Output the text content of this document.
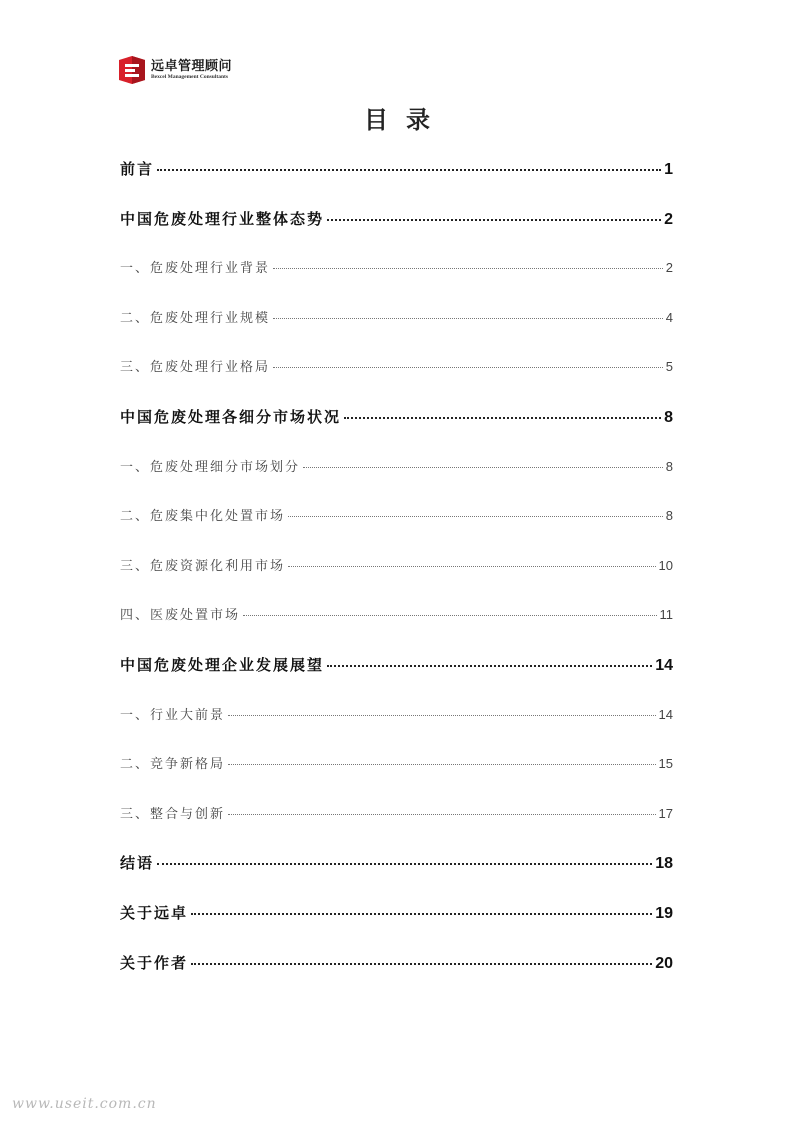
远卓管理顾问
Bexcel Management Consultants
目录
前言	1
中国危废处理行业整体态势	2
一、危废处理行业背景	2
二、危废处理行业规模	4
三、危废处理行业格局	5
中国危废处理各细分市场状况	8
一、危废处理细分市场划分	8
二、危废集中化处置市场	8
三、危废资源化利用市场	10
四、医废处置市场	11
中国危废处理企业发展展望	14
一、行业大前景	14
二、竞争新格局	15
三、整合与创新	17
结语	18
关于远卓	19
关于作者	20
www.useit.com.cn
